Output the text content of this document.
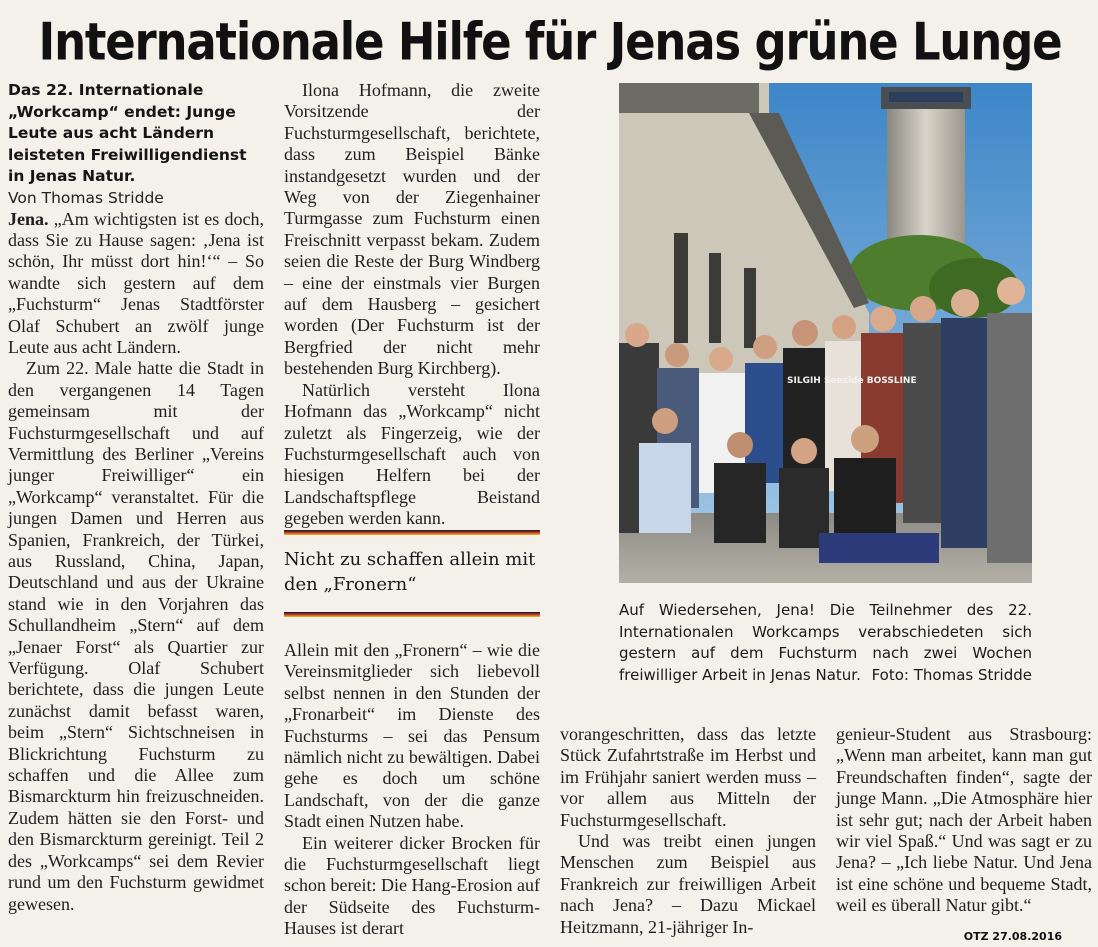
Internationale Hilfe für Jenas grüne Lunge

Das 22. Internationale „Workcamp“ endet: Junge Leute aus acht Ländern leisteten Freiwilligendienst in Jenas Natur.

Von Thomas Stridde

Jena. „Am wichtigsten ist es doch, dass Sie zu Hause sagen: ‚Jena ist schön, Ihr müsst dort hin!‘“ – So wandte sich gestern auf dem „Fuchsturm“ Jenas Stadtförster Olaf Schubert an zwölf junge Leute aus acht Ländern.

Zum 22. Male hatte die Stadt in den vergangenen 14 Tagen gemeinsam mit der Fuchsturmgesellschaft und auf Vermittlung des Berliner „Vereins junger Freiwilliger“ ein „Workcamp“ veranstaltet. Für die jungen Damen und Herren aus Spanien, Frankreich, der Türkei, aus Russland, China, Japan, Deutschland und aus der Ukraine stand wie in den Vorjahren das Schullandheim „Stern“ auf dem „Jenaer Forst“ als Quartier zur Verfügung. Olaf Schubert berichtete, dass die jungen Leute zunächst damit befasst waren, beim „Stern“ Sichtschneisen in Blickrichtung Fuchsturm zu schaffen und die Allee zum Bismarckturm hin freizuschneiden. Zudem hätten sie den Forst- und den Bismarckturm gereinigt. Teil 2 des „Workcamps“ sei dem Revier rund um den Fuchsturm gewidmet gewesen.

Ilona Hofmann, die zweite Vorsitzende der Fuchsturmgesellschaft, berichtete, dass zum Beispiel Bänke instandgesetzt wurden und der Weg von der Ziegenhainer Turmgasse zum Fuchsturm einen Freischnitt verpasst bekam. Zudem seien die Reste der Burg Windberg – eine der einstmals vier Burgen auf dem Hausberg – gesichert worden (Der Fuchsturm ist der Bergfried der nicht mehr bestehenden Burg Kirchberg).

Natürlich versteht Ilona Hofmann das „Workcamp“ nicht zuletzt als Fingerzeig, wie der Fuchsturmgesellschaft auch von hiesigen Helfern bei der Landschaftspflege Beistand gegeben werden kann.

Nicht zu schaffen allein mit den „Fronern“

Allein mit den „Fronern“ – wie die Vereinsmitglieder sich liebevoll selbst nennen in den Stunden der „Fronarbeit“ im Dienste des Fuchsturms – sei das Pensum nämlich nicht zu bewältigen. Dabei gehe es doch um schöne Landschaft, von der die ganze Stadt einen Nutzen habe.

Ein weiterer dicker Brocken für die Fuchsturmgesellschaft liegt schon bereit: Die Hang-Erosion auf der Südseite des Fuchsturm-Hauses ist derart

SILGIH Seeside BOSSLINE
Auf Wiedersehen, Jena! Die Teilnehmer des 22. Internationalen Workcamps verabschiedeten sich gestern auf dem Fuchsturm nach zwei Wochen freiwilliger Arbeit in Jenas Natur. Foto: Thomas Stridde

vorangeschritten, dass das letzte Stück Zufahrtstraße im Herbst und im Frühjahr saniert werden muss – vor allem aus Mitteln der Fuchsturmgesellschaft.

Und was treibt einen jungen Menschen zum Beispiel aus Frankreich zur freiwilligen Arbeit nach Jena? – Dazu Mickael Heitzmann, 21-jähriger In-

genieur-Student aus Strasbourg: „Wenn man arbeitet, kann man gut Freundschaften finden“, sagte der junge Mann. „Die Atmosphäre hier ist sehr gut; nach der Arbeit haben wir viel Spaß.“ Und was sagt er zu Jena? – „Ich liebe Natur. Und Jena ist eine schöne und bequeme Stadt, weil es überall Natur gibt.“

OTZ 27.08.2016
